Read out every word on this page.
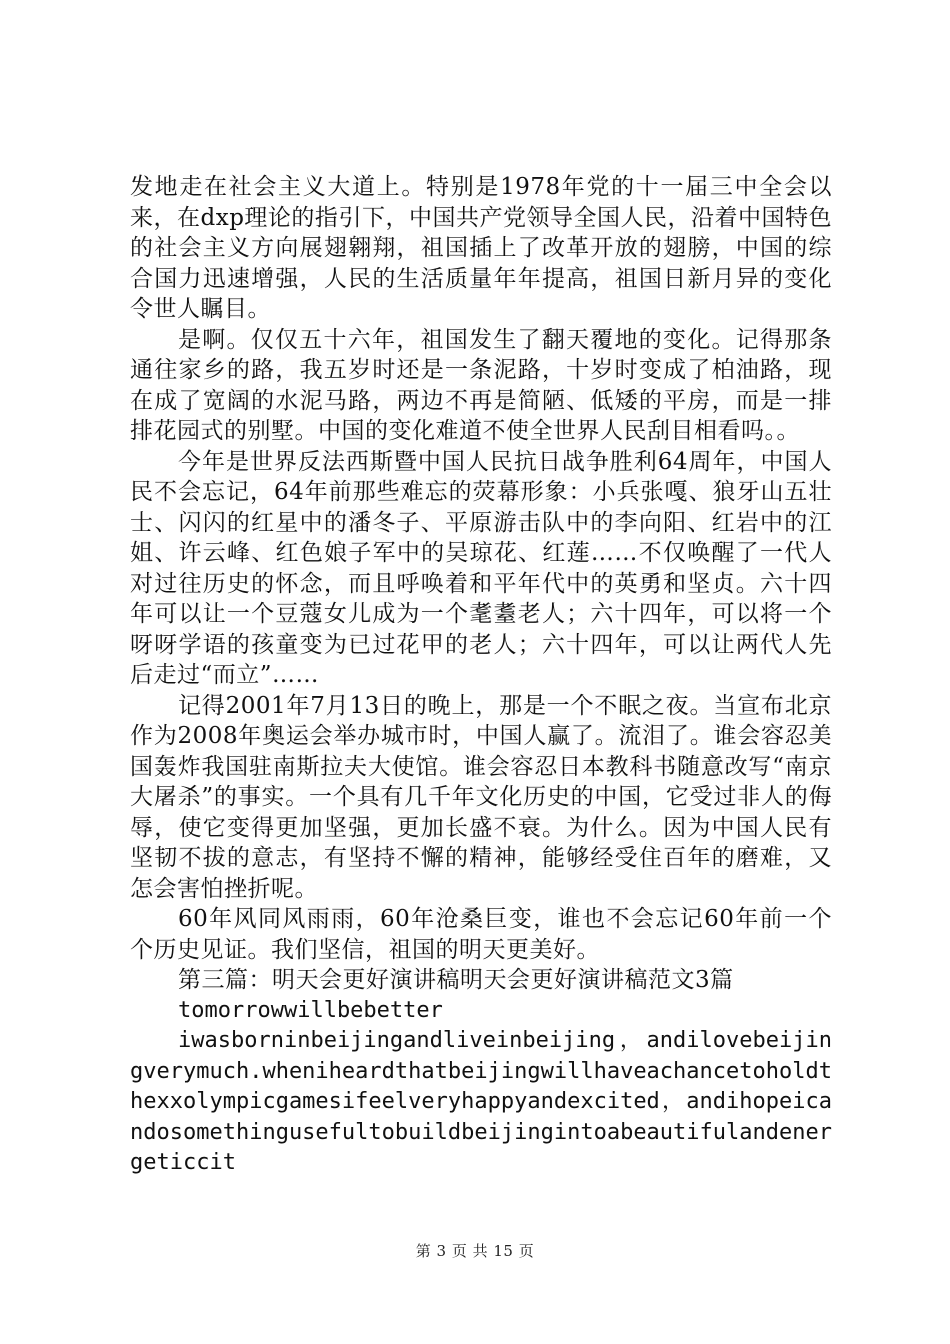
发地走在社会主义大道上。特别是1978年党的十一届三中全会以来，在dxp理论的指引下，中国共产党领导全国人民，沿着中国特色的社会主义方向展翅翱翔，祖国插上了改革开放的翅膀，中国的综合国力迅速增强，人民的生活质量年年提高，祖国日新月异的变化令世人瞩目。

是啊。仅仅五十六年，祖国发生了翻天覆地的变化。记得那条通往家乡的路，我五岁时还是一条泥路，十岁时变成了柏油路，现在成了宽阔的水泥马路，两边不再是简陋、低矮的平房，而是一排排花园式的别墅。中国的变化难道不使全世界人民刮目相看吗。。

今年是世界反法西斯暨中国人民抗日战争胜利64周年，中国人民不会忘记，64年前那些难忘的荧幕形象：小兵张嘎、狼牙山五壮士、闪闪的红星中的潘冬子、平原游击队中的李向阳、红岩中的江姐、许云峰、红色娘子军中的吴琼花、红莲……不仅唤醒了一代人对过往历史的怀念，而且呼唤着和平年代中的英勇和坚贞。六十四年可以让一个豆蔻女儿成为一个耄耋老人；六十四年，可以将一个呀呀学语的孩童变为已过花甲的老人；六十四年，可以让两代人先后走过“而立”……

记得2001年7月13日的晚上，那是一个不眠之夜。当宣布北京作为2008年奥运会举办城市时，中国人赢了。流泪了。谁会容忍美国轰炸我国驻南斯拉夫大使馆。谁会容忍日本教科书随意改写“南京大屠杀”的事实。一个具有几千年文化历史的中国，它受过非人的侮辱，使它变得更加坚强，更加长盛不衰。为什么。因为中国人民有坚韧不拔的意志，有坚持不懈的精神，能够经受住百年的磨难，又怎会害怕挫折呢。

60年风同风雨雨，60年沧桑巨变，谁也不会忘记60年前一个个历史见证。我们坚信，祖国的明天更美好。

第三篇：明天会更好演讲稿明天会更好演讲稿范文3篇

tomorrowwillbebetter

iwasborninbeijingandliveinbeijing，andilovebeijingverymuch.wheniheardthatbeijingwillhaveachancetoholdthexxolympicgamesifeelveryhappyandexcited，andihopeicandosomethingusefultobuildbeijingintoabeautifulandenergeticcit

第 3 页 共 15 页
